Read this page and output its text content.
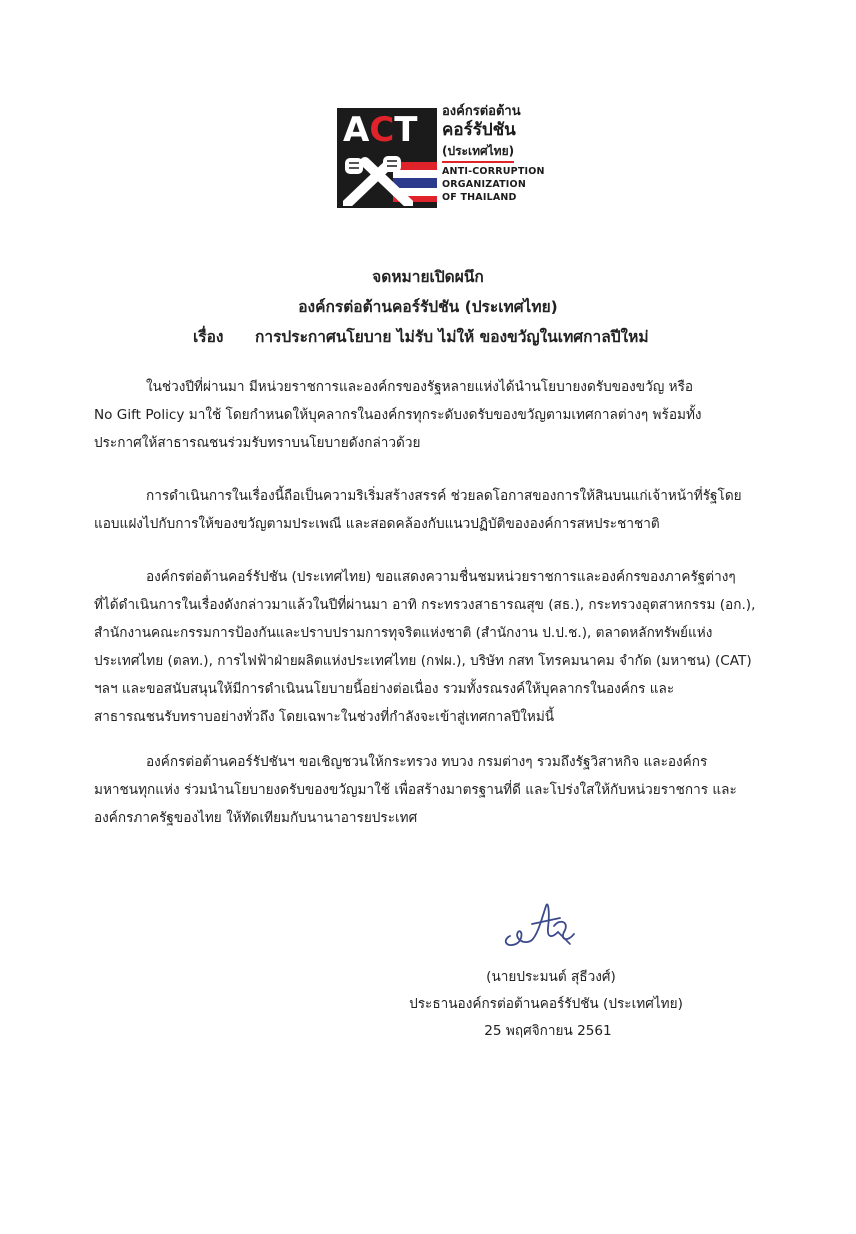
ACT องค์กรต่อต้าน
คอร์รัปชัน
(ประเทศไทย)
ANTI-CORRUPTION
ORGANIZATION
OF THAILAND
จดหมายเปิดผนึก
องค์กรต่อต้านคอร์รัปชัน (ประเทศไทย)
เรื่อง การประกาศนโยบาย ไม่รับ ไม่ให้ ของขวัญในเทศกาลปีใหม่
ในช่วงปีที่ผ่านมา มีหน่วยราชการและองค์กรของรัฐหลายแห่งได้นำนโยบายงดรับของขวัญ หรือ
No Gift Policy มาใช้ โดยกำหนดให้บุคลากรในองค์กรทุกระดับงดรับของขวัญตามเทศกาลต่างๆ พร้อมทั้ง
ประกาศให้สาธารณชนร่วมรับทราบนโยบายดังกล่าวด้วย
การดำเนินการในเรื่องนี้ถือเป็นความริเริ่มสร้างสรรค์ ช่วยลดโอกาสของการให้สินบนแก่เจ้าหน้าที่รัฐโดย
แอบแฝงไปกับการให้ของขวัญตามประเพณี และสอดคล้องกับแนวปฏิบัติขององค์การสหประชาชาติ
องค์กรต่อต้านคอร์รัปชัน (ประเทศไทย) ขอแสดงความชื่นชมหน่วยราชการและองค์กรของภาครัฐต่างๆ
ที่ได้ดำเนินการในเรื่องดังกล่าวมาแล้วในปีที่ผ่านมา อาทิ กระทรวงสาธารณสุข (สธ.), กระทรวงอุตสาหกรรม (อก.),
สำนักงานคณะกรรมการป้องกันและปราบปรามการทุจริตแห่งชาติ (สำนักงาน ป.ป.ช.), ตลาดหลักทรัพย์แห่ง
ประเทศไทย (ตลท.), การไฟฟ้าฝ่ายผลิตแห่งประเทศไทย (กฟผ.), บริษัท กสท โทรคมนาคม จำกัด (มหาชน) (CAT)
ฯลฯ และขอสนับสนุนให้มีการดำเนินนโยบายนี้อย่างต่อเนื่อง รวมทั้งรณรงค์ให้บุคลากรในองค์กร และ
สาธารณชนรับทราบอย่างทั่วถึง โดยเฉพาะในช่วงที่กำลังจะเข้าสู่เทศกาลปีใหม่นี้
องค์กรต่อต้านคอร์รัปชันฯ ขอเชิญชวนให้กระทรวง ทบวง กรมต่างๆ รวมถึงรัฐวิสาหกิจ และองค์กร
มหาชนทุกแห่ง ร่วมนำนโยบายงดรับของขวัญมาใช้ เพื่อสร้างมาตรฐานที่ดี และโปร่งใสให้กับหน่วยราชการ และ
องค์กรภาครัฐของไทย ให้ทัดเทียมกับนานาอารยประเทศ
(นายประมนต์ สุธีวงศ์)
ประธานองค์กรต่อต้านคอร์รัปชัน (ประเทศไทย)
25 พฤศจิกายน 2561
